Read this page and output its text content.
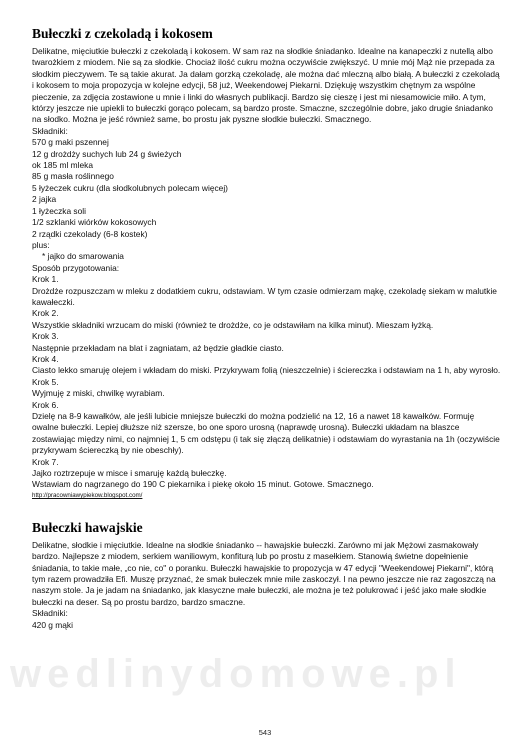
Bułeczki z czekoladą i kokosem

Delikatne, mięciutkie bułeczki z czekoladą i kokosem. W sam raz na słodkie śniadanko. Idealne na kanapeczki z nutellą albo twarożkiem z miodem. Nie są za słodkie. Chociaż ilość cukru można oczywiście zwiększyć. U mnie mój Mąż nie przepada za słodkim pieczywem. Te są takie akurat. Ja dałam gorzką czekoladę, ale można dać mleczną albo białą. A bułeczki z czekoladą i kokosem to moja propozycja w kolejne edycji, 58 już, Weekendowej Piekarni. Dziękuję wszystkim chętnym za wspólne pieczenie, za zdjęcia zostawione u mnie i linki do własnych publikacji. Bardzo się cieszę i jest mi niesamowicie miło. A tym, którzy jeszcze nie upiekli to bułeczki gorąco polecam, są bardzo proste. Smaczne, szczególnie dobre, jako drugie śniadanko na słodko. Można je jeść również same, bo prostu jak pyszne słodkie bułeczki. Smacznego.

Składniki:

570 g maki pszennej

12 g drożdży suchych lub 24 g świeżych

ok 185 ml mleka

85 g masła roślinnego

5 łyżeczek cukru (dla słodkolubnych polecam więcej)

2 jajka

1 łyżeczka soli

1/2 szklanki wiórków kokosowych

2 rządki czekolady (6-8 kostek)

plus:

* jajko do smarowania

Sposób przygotowania:

Krok 1.

Drożdże rozpuszczam w mleku z dodatkiem cukru, odstawiam. W tym czasie odmierzam mąkę, czekoladę siekam w malutkie kawałeczki.

Krok 2.

Wszystkie składniki wrzucam do miski (również te drożdże, co je odstawiłam na kilka minut). Mieszam łyżką.

Krok 3.

Następnie przekładam na blat i zagniatam, aż będzie gładkie ciasto.

Krok 4.

Ciasto lekko smaruję olejem i wkładam do miski. Przykrywam folią (nieszczelnie) i ściereczka i odstawiam na 1 h, aby wyrosło.

Krok 5.

Wyjmuję z miski, chwilkę wyrabiam.

Krok 6.

Dzielę na 8-9 kawałków, ale jeśli lubicie mniejsze bułeczki do można podzielić na 12, 16 a nawet 18 kawałków. Formuję owalne bułeczki. Lepiej dłuższe niż szersze, bo one sporo urosną (naprawdę urosną). Bułeczki układam na blaszce zostawiając między nimi, co najmniej 1, 5 cm odstępu (i tak się złączą delikatnie) i odstawiam do wyrastania na 1h (oczywiście przykrywam ściereczką by nie obeschły).

Krok 7.

Jajko roztrzepuje w misce i smaruję każdą bułeczkę.

Wstawiam do nagrzanego do 190 C piekarnika i piekę około 15 minut. Gotowe. Smacznego.

http://pracowniawypiekow.blogspot.com/

Bułeczki hawajskie

Delikatne, słodkie i mięciutkie. Idealne na słodkie śniadanko -- hawajskie bułeczki. Zarówno mi jak Mężowi zasmakowały bardzo. Najlepsze z miodem, serkiem waniliowym, konfiturą lub po prostu z masełkiem. Stanowią świetne dopełnienie śniadania, to takie małe, „co nie, co" o poranku. Bułeczki hawajskie to propozycja w 47 edycji "Weekendowej Piekarni", którą tym razem prowadziła Efi. Muszę przyznać, że smak bułeczek mnie mile zaskoczył. I na pewno jeszcze nie raz zagoszczą na naszym stole. Ja je jadam na śniadanko, jak klasyczne małe bułeczki, ale można je też polukrować i jeść jako małe słodkie bułeczki na deser. Są po prostu bardzo, bardzo smaczne.

Składniki:

420 g mąki

wedlinydomowe.pl
543
